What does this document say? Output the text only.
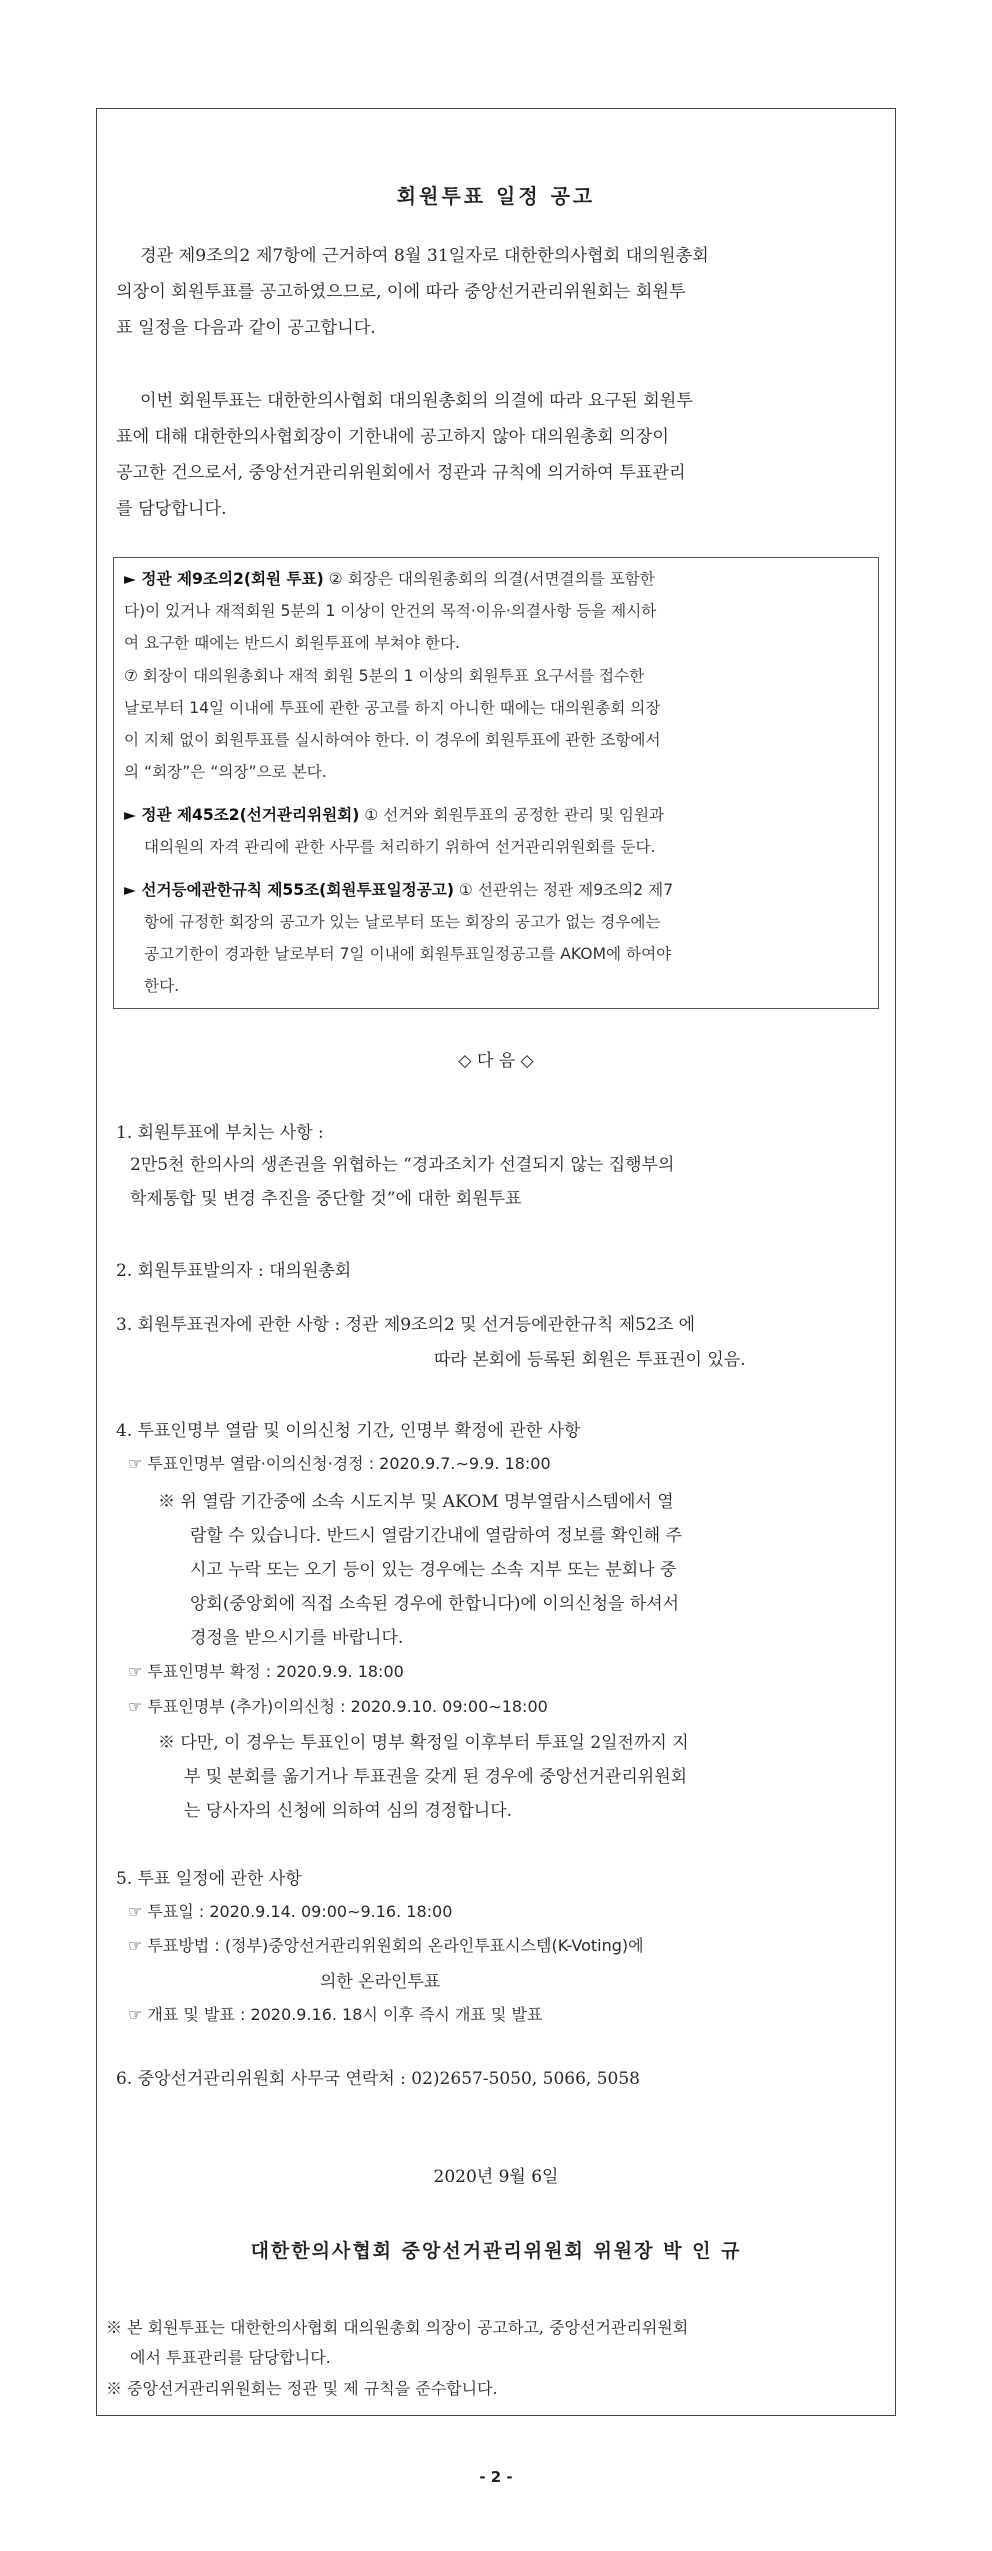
회원투표 일정 공고

경관 제9조의2 제7항에 근거하여 8월 31일자로 대한한의사협회 대의원총회

의장이 회원투표를 공고하였으므로, 이에 따라 중앙선거관리위원회는 회원투

표 일정을 다음과 같이 공고합니다.

이번 회원투표는 대한한의사협회 대의원총회의 의결에 따라 요구된 회원투

표에 대해 대한한의사협회장이 기한내에 공고하지 않아 대의원총회 의장이

공고한 건으로서, 중앙선거관리위원회에서 정관과 규칙에 의거하여 투표관리

를 담당합니다.

► 정관 제9조의2(회원 투표) ② 회장은 대의원총회의 의결(서면결의를 포함한
다)이 있거나 재적회원 5분의 1 이상이 안건의 목적·이유·의결사항 등을 제시하
여 요구한 때에는 반드시 회원투표에 부쳐야 한다.
⑦ 회장이 대의원총회나 재적 회원 5분의 1 이상의 회원투표 요구서를 접수한
날로부터 14일 이내에 투표에 관한 공고를 하지 아니한 때에는 대의원총회 의장
이 지체 없이 회원투표를 실시하여야 한다. 이 경우에 회원투표에 관한 조항에서
의 “회장”은 “의장”으로 본다.
► 정관 제45조2(선거관리위원회) ① 선거와 회원투표의 공정한 관리 및 임원과
대의원의 자격 관리에 관한 사무를 처리하기 위하여 선거관리위원회를 둔다.
► 선거등에관한규칙 제55조(회원투표일정공고) ① 선관위는 정관 제9조의2 제7
항에 규정한 회장의 공고가 있는 날로부터 또는 회장의 공고가 없는 경우에는
공고기한이 경과한 날로부터 7일 이내에 회원투표일정공고를 AKOM에 하여야
한다.
◇ 다 음 ◇
1. 회원투표에 부치는 사항 :
2만5천 한의사의 생존권을 위협하는 “경과조치가 선결되지 않는 집행부의
학제통합 및 변경 추진을 중단할 것”에 대한 회원투표
2. 회원투표발의자 : 대의원총회
3. 회원투표권자에 관한 사항 : 정관 제9조의2 및 선거등에관한규칙 제52조 에
따라 본회에 등록된 회원은 투표권이 있음.
4. 투표인명부 열람 및 이의신청 기간, 인명부 확정에 관한 사항
☞ 투표인명부 열람·이의신청·경정 : 2020.9.7.∼9.9. 18:00
※ 위 열람 기간중에 소속 시도지부 및 AKOM 명부열람시스템에서 열
람할 수 있습니다. 반드시 열람기간내에 열람하여 정보를 확인해 주
시고 누락 또는 오기 등이 있는 경우에는 소속 지부 또는 분회나 중
앙회(중앙회에 직접 소속된 경우에 한합니다)에 이의신청을 하셔서
경정을 받으시기를 바랍니다.
☞ 투표인명부 확정 : 2020.9.9. 18:00
☞ 투표인명부 (추가)이의신청 : 2020.9.10. 09:00∼18:00
※ 다만, 이 경우는 투표인이 명부 확정일 이후부터 투표일 2일전까지 지
부 및 분회를 옮기거나 투표권을 갖게 된 경우에 중앙선거관리위원회
는 당사자의 신청에 의하여 심의 경정합니다.
5. 투표 일정에 관한 사항
☞ 투표일 : 2020.9.14. 09:00∼9.16. 18:00
☞ 투표방법 : (정부)중앙선거관리위원회의 온라인투표시스템(K-Voting)에
의한 온라인투표
☞ 개표 및 발표 : 2020.9.16. 18시 이후 즉시 개표 및 발표
6. 중앙선거관리위원회 사무국 연락처 : 02)2657-5050, 5066, 5058
2020년 9월 6일
대한한의사협회 중앙선거관리위원회 위원장 박 인 규
※ 본 회원투표는 대한한의사협회 대의원총회 의장이 공고하고, 중앙선거관리위원회
에서 투표관리를 담당합니다.
※ 중앙선거관리위원회는 정관 및 제 규칙을 준수합니다.
- 2 -
